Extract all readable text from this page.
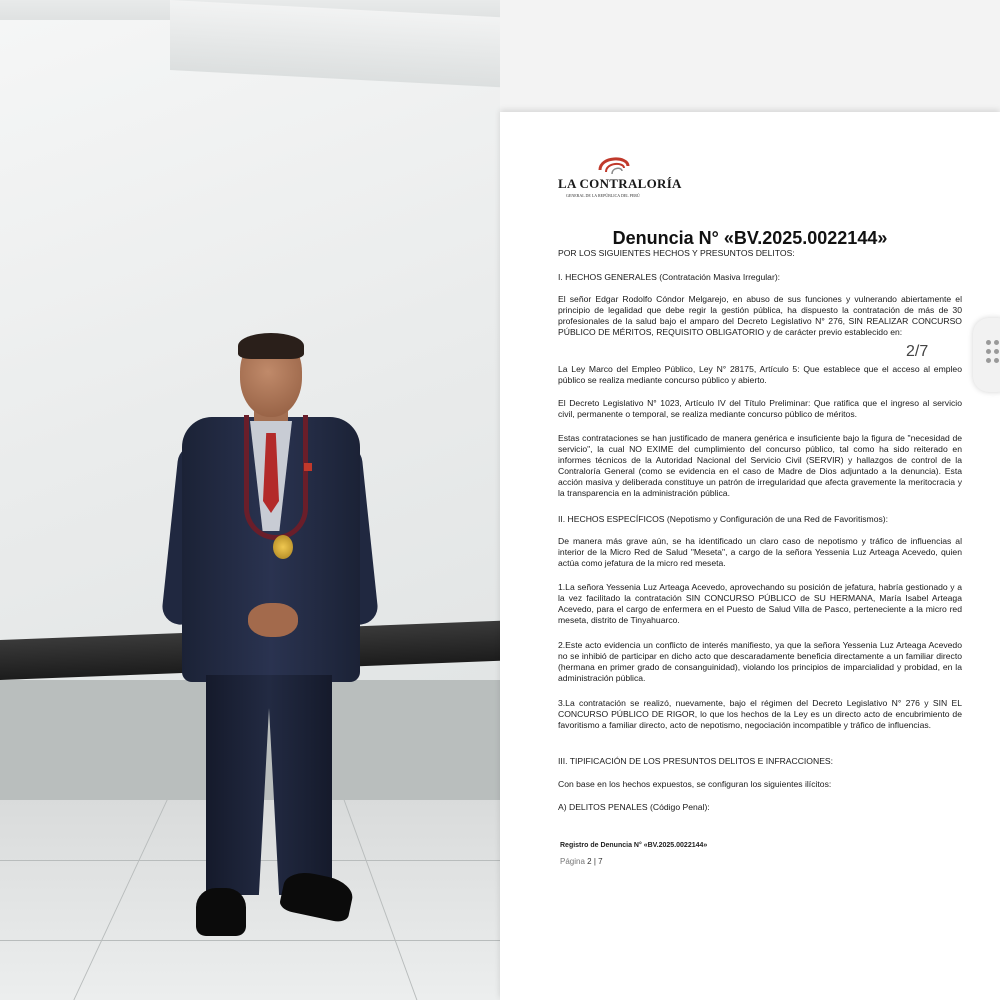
LA CONTRALORÍA
GENERAL DE LA REPÚBLICA DEL PERÚ
Denuncia N° «BV.2025.0022144»
POR LOS SIGUIENTES HECHOS Y PRESUNTOS DELITOS:
I. HECHOS GENERALES (Contratación Masiva Irregular):
El señor Edgar Rodolfo Cóndor Melgarejo, en abuso de sus funciones y vulnerando abiertamente el principio de legalidad que debe regir la gestión pública, ha dispuesto la contratación de más de 30 profesionales de la salud bajo el amparo del Decreto Legislativo N° 276, SIN REALIZAR CONCURSO PÚBLICO DE MÉRITOS, REQUISITO OBLIGATORIO y de carácter previo establecido en:
La Ley Marco del Empleo Público, Ley N° 28175, Artículo 5: Que establece que el acceso al empleo público se realiza mediante concurso público y abierto.
El Decreto Legislativo N° 1023, Artículo IV del Título Preliminar: Que ratifica que el ingreso al servicio civil, permanente o temporal, se realiza mediante concurso público de méritos.
Estas contrataciones se han justificado de manera genérica e insuficiente bajo la figura de "necesidad de servicio", la cual NO EXIME del cumplimiento del concurso público, tal como ha sido reiterado en informes técnicos de la Autoridad Nacional del Servicio Civil (SERVIR) y hallazgos de control de la Contraloría General (como se evidencia en el caso de Madre de Dios adjuntado a la denuncia). Esta acción masiva y deliberada constituye un patrón de irregularidad que afecta gravemente la meritocracia y la transparencia en la administración pública.
II. HECHOS ESPECÍFICOS (Nepotismo y Configuración de una Red de Favoritismos):
De manera más grave aún, se ha identificado un claro caso de nepotismo y tráfico de influencias al interior de la Micro Red de Salud "Meseta", a cargo de la señora Yessenia Luz Arteaga Acevedo, quien actúa como jefatura de la micro red meseta.
1.La señora Yessenia Luz Arteaga Acevedo, aprovechando su posición de jefatura, habría gestionado y a la vez facilitado la contratación SIN CONCURSO PÚBLICO de SU HERMANA, María Isabel Arteaga Acevedo, para el cargo de enfermera en el Puesto de Salud Villa de Pasco, perteneciente a la micro red meseta, distrito de Tinyahuarco.
2.Este acto evidencia un conflicto de interés manifiesto, ya que la señora Yessenia Luz Arteaga Acevedo no se inhibió de participar en dicho acto que descaradamente beneficia directamente a un familiar directo (hermana en primer grado de consanguinidad), violando los principios de imparcialidad y probidad, en la administración pública.
3.La contratación se realizó, nuevamente, bajo el régimen del Decreto Legislativo N° 276 y SIN EL CONCURSO PÚBLICO DE RIGOR, lo que los hechos de la Ley es un directo acto de encubrimiento de favoritismo a familiar directo, acto de nepotismo, negociación incompatible y tráfico de influencias.
III. TIPIFICACIÓN DE LOS PRESUNTOS DELITOS E INFRACCIONES:
Con base en los hechos expuestos, se configuran los siguientes ilícitos:
A) DELITOS PENALES (Código Penal):
Registro de Denuncia N° «BV.2025.0022144»
Página 2 | 7
2/7
